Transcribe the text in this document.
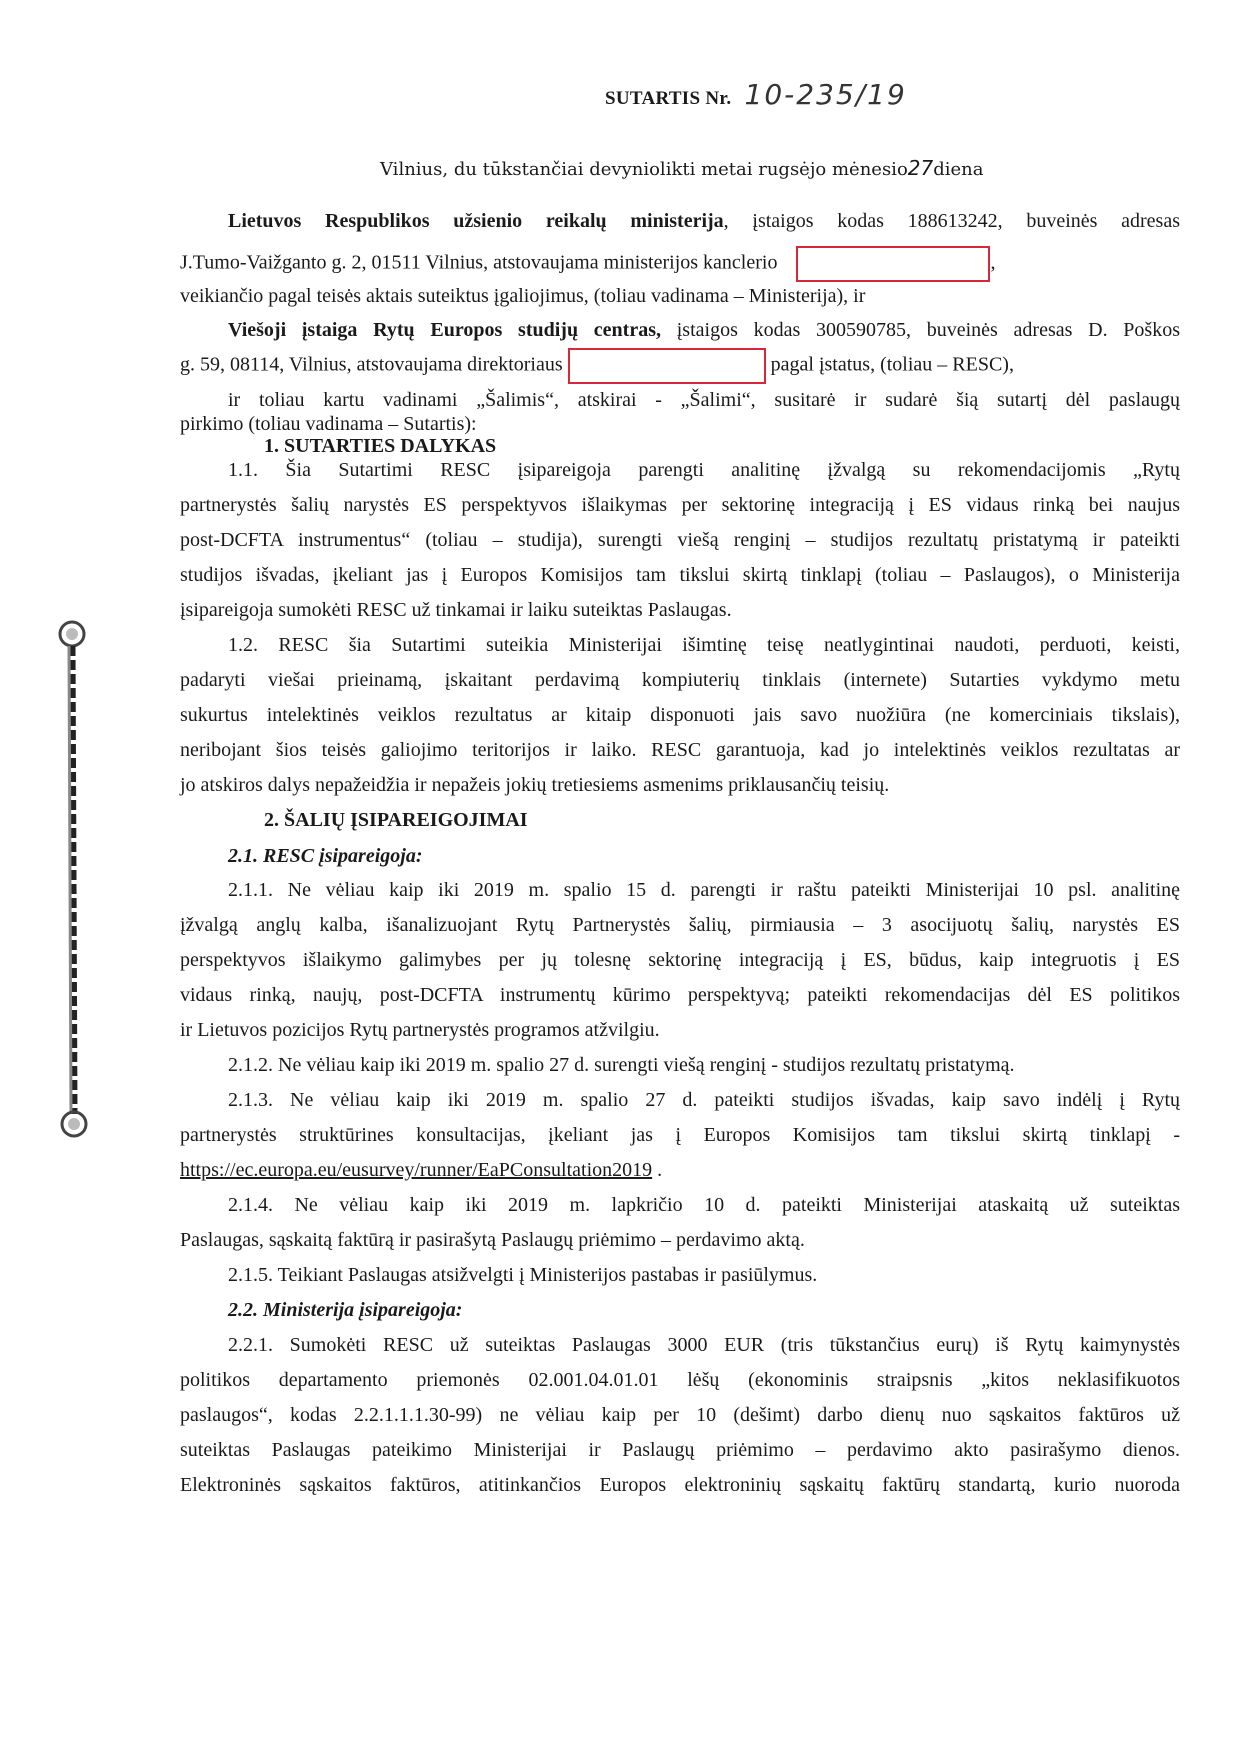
SUTARTIS Nr. 10-235/19
Vilnius, du tūkstančiai devynioliktі metai rugsėjo mėnesio27diena
Lietuvos Respublikos užsienio reikalų ministerija, įstaigos kodas 188613242, buveinės adresas
J.Tumo-Vaižganto g. 2, 01511 Vilnius, atstovaujama ministerijos kanclerio	,
veikiančio pagal teisės aktais suteiktus įgaliojimus, (toliau vadinama – Ministerija), ir
Viešoji įstaiga Rytų Europos studijų centras, įstaigos kodas 300590785, buveinės adresas D. Poškos
g. 59, 08114, Vilnius, atstovaujama direktoriaus	pagal įstatus, (toliau – RESC),
ir toliau kartu vadinami „Šalimis“, atskirai - „Šalimi“, susitarė ir sudarė šią sutartį dėl paslaugų
pirkimo (toliau vadinama – Sutartis):
1. SUTARTIES DALYKAS
1.1. Šia Sutartimi RESC įsipareigoja parengti analitinę įžvalgą su rekomendacijomis „Rytų
partnerystės šalių narystės ES perspektyvos išlaikymas per sektorinę integraciją į ES vidaus rinką bei naujus
post-DCFTA instrumentus“ (toliau – studija), surengti viešą renginį – studijos rezultatų pristatymą ir pateikti
studijos išvadas, įkeliant jas į Europos Komisijos tam tikslui skirtą tinklapį (toliau – Paslaugos), o Ministerija
įsipareigoja sumokėti RESC už tinkamai ir laiku suteiktas Paslaugas.
1.2. RESC šia Sutartimi suteikia Ministerijai išimtinę teisę neatlygintinai naudoti, perduoti, keisti,
padaryti viešai prieinamą, įskaitant perdavimą kompiuterių tinklais (internete) Sutarties vykdymo metu
sukurtus intelektinės veiklos rezultatus ar kitaip disponuoti jais savo nuožiūra (ne komerciniais tikslais),
neribojant šios teisės galiojimo teritorijos ir laiko. RESC garantuoja, kad jo intelektinės veiklos rezultatas ar
jo atskiros dalys nepažeidžia ir nepažeis jokių tretiesiems asmenims priklausančių teisių.
2. ŠALIŲ ĮSIPAREIGOJIMAI
2.1. RESC įsipareigoja:
2.1.1. Ne vėliau kaip iki 2019 m. spalio 15 d. parengti ir raštu pateikti Ministerijai 10 psl. analitinę
įžvalgą anglų kalba, išanalizuojant Rytų Partnerystės šalių, pirmiausia – 3 asocijuotų šalių, narystės ES
perspektyvos išlaikymo galimybes per jų tolesnę sektorinę integraciją į ES, būdus, kaip integruotis į ES
vidaus rinką, naujų, post-DCFTA instrumentų kūrimo perspektyvą; pateikti rekomendacijas dėl ES politikos
ir Lietuvos pozicijos Rytų partnerystės programos atžvilgiu.
2.1.2. Ne vėliau kaip iki 2019 m. spalio 27 d. surengti viešą renginį - studijos rezultatų pristatymą.
2.1.3. Ne vėliau kaip iki 2019 m. spalio 27 d. pateikti studijos išvadas, kaip savo indėlį į Rytų
partnerystės struktūrines konsultacijas, įkeliant jas į Europos Komisijos tam tikslui skirtą tinklapį -
https://ec.europa.eu/eusurvey/runner/EaPConsultation2019 .
2.1.4. Ne vėliau kaip iki 2019 m. lapkričio 10 d. pateikti Ministerijai ataskaitą už suteiktas
Paslaugas, sąskaitą faktūrą ir pasirašytą Paslaugų priėmimo – perdavimo aktą.
2.1.5. Teikiant Paslaugas atsižvelgti į Ministerijos pastabas ir pasiūlymus.
2.2. Ministerija įsipareigoja:
2.2.1. Sumokėti RESC už suteiktas Paslaugas 3000 EUR (tris tūkstančius eurų) iš Rytų kaimynystės
politikos departamento priemonės 02.001.04.01.01 lėšų (ekonominis straipsnis „kitos neklasifikuotos
paslaugos“, kodas 2.2.1.1.1.30-99) ne vėliau kaip per 10 (dešimt) darbo dienų nuo sąskaitos faktūros už
suteiktas Paslaugas pateikimo Ministerijai ir Paslaugų priėmimo – perdavimo akto pasirašymo dienos.
Elektroninės sąskaitos faktūros, atitinkančios Europos elektroninių sąskaitų faktūrų standartą, kurio nuoroda
